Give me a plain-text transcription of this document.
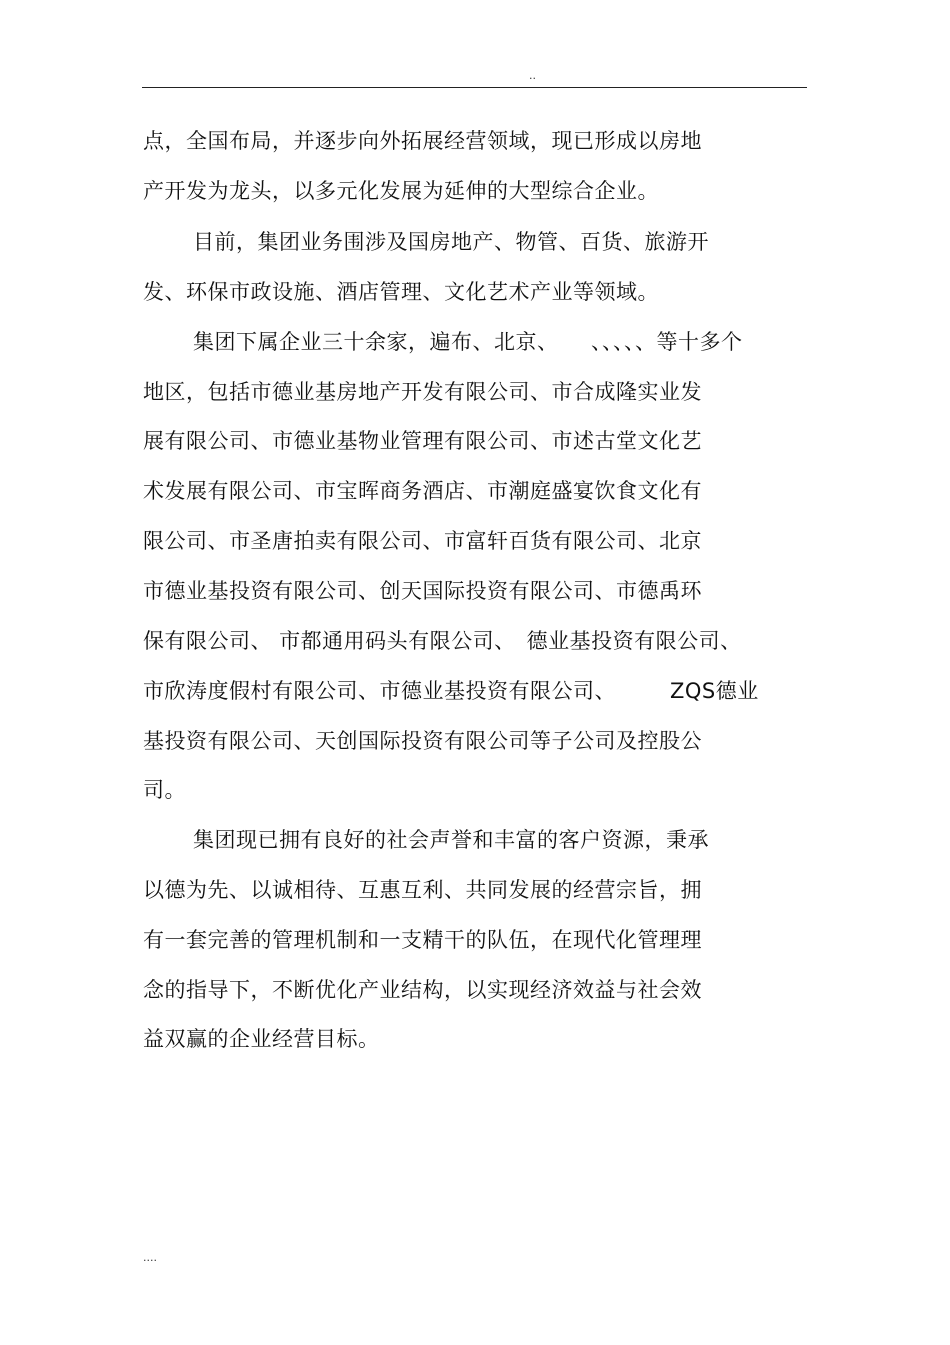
..
点，全国布局，并逐步向外拓展经营领域，现已形成以房地
产开发为龙头，以多元化发展为延伸的大型综合企业。
目前，集团业务围涉及国房地产、物管、百货、旅游开
发、环保市政设施、酒店管理、文化艺术产业等领域。
集团下属企业三十余家，遍布、北京、　　、、、、、等十多个
地区，包括市德业基房地产开发有限公司、市合成隆实业发
展有限公司、市德业基物业管理有限公司、市述古堂文化艺
术发展有限公司、市宝晖商务酒店、市潮庭盛宴饮食文化有
限公司、市圣唐拍卖有限公司、市富轩百货有限公司、北京
市德业基投资有限公司、创天国际投资有限公司、市德禹环
保有限公司、 市都通用码头有限公司、　德业基投资有限公司、
市欣涛度假村有限公司、市德业基投资有限公司、　　　ZQS德业
基投资有限公司、天创国际投资有限公司等子公司及控股公
司。
集团现已拥有良好的社会声誉和丰富的客户资源，秉承
以德为先、以诚相待、互惠互利、共同发展的经营宗旨，拥
有一套完善的管理机制和一支精干的队伍，在现代化管理理
念的指导下，不断优化产业结构，以实现经济效益与社会效
益双赢的企业经营目标。
....
